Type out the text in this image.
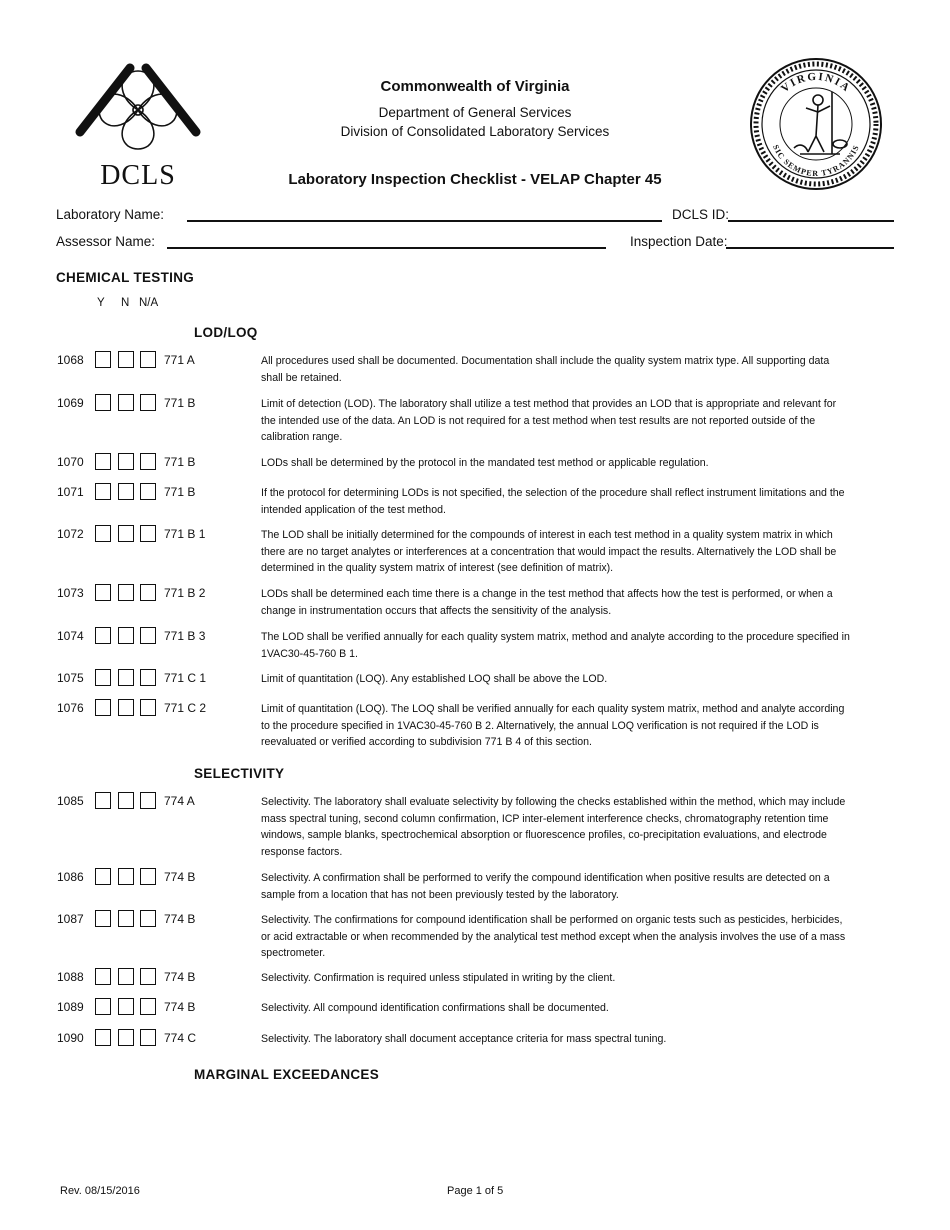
DCLS
VIRGINIA
SIC SEMPER TYRANNIS
Commonwealth of Virginia
Department of General Services
Division of Consolidated Laboratory Services
Laboratory Inspection Checklist - VELAP Chapter 45
Laboratory Name:	DCLS ID:
Assessor Name:	Inspection Date:
CHEMICAL TESTING
Y N N/A
LOD/LOQ
1068	771 A	All procedures used shall be documented. Documentation shall include the quality system matrix type. All supporting data shall be retained.
1069	771 B	Limit of detection (LOD). The laboratory shall utilize a test method that provides an LOD that is appropriate and relevant for the intended use of the data. An LOD is not required for a test method when test results are not reported outside of the calibration range.
1070	771 B	LODs shall be determined by the protocol in the mandated test method or applicable regulation.
1071	771 B	If the protocol for determining LODs is not specified, the selection of the procedure shall reflect instrument limitations and the intended application of the test method.
1072	771 B 1	The LOD shall be initially determined for the compounds of interest in each test method in a quality system matrix in which there are no target analytes or interferences at a concentration that would impact the results. Alternatively the LOD shall be determined in the quality system matrix of interest (see definition of matrix).
1073	771 B 2	LODs shall be determined each time there is a change in the test method that affects how the test is performed, or when a change in instrumentation occurs that affects the sensitivity of the analysis.
1074	771 B 3	The LOD shall be verified annually for each quality system matrix, method and analyte according to the procedure specified in 1VAC30-45-760 B 1.
1075	771 C 1	Limit of quantitation (LOQ). Any established LOQ shall be above the LOD.
1076	771 C 2	Limit of quantitation (LOQ). The LOQ shall be verified annually for each quality system matrix, method and analyte according to the procedure specified in 1VAC30-45-760 B 2. Alternatively, the annual LOQ verification is not required if the LOD is reevaluated or verified according to subdivision 771 B 4 of this section.
SELECTIVITY
1085	774 A	Selectivity. The laboratory shall evaluate selectivity by following the checks established within the method, which may include mass spectral tuning, second column confirmation, ICP inter-element interference checks, chromatography retention time windows, sample blanks, spectrochemical absorption or fluorescence profiles, co-precipitation evaluations, and electrode response factors.
1086	774 B	Selectivity. A confirmation shall be performed to verify the compound identification when positive results are detected on a sample from a location that has not been previously tested by the laboratory.
1087	774 B	Selectivity. The confirmations for compound identification shall be performed on organic tests such as pesticides, herbicides, or acid extractable or when recommended by the analytical test method except when the analysis involves the use of a mass spectrometer.
1088	774 B	Selectivity. Confirmation is required unless stipulated in writing by the client.
1089	774 B	Selectivity. All compound identification confirmations shall be documented.
1090	774 C	Selectivity. The laboratory shall document acceptance criteria for mass spectral tuning.
MARGINAL EXCEEDANCES
Rev. 08/15/2016	Page 1 of 5
